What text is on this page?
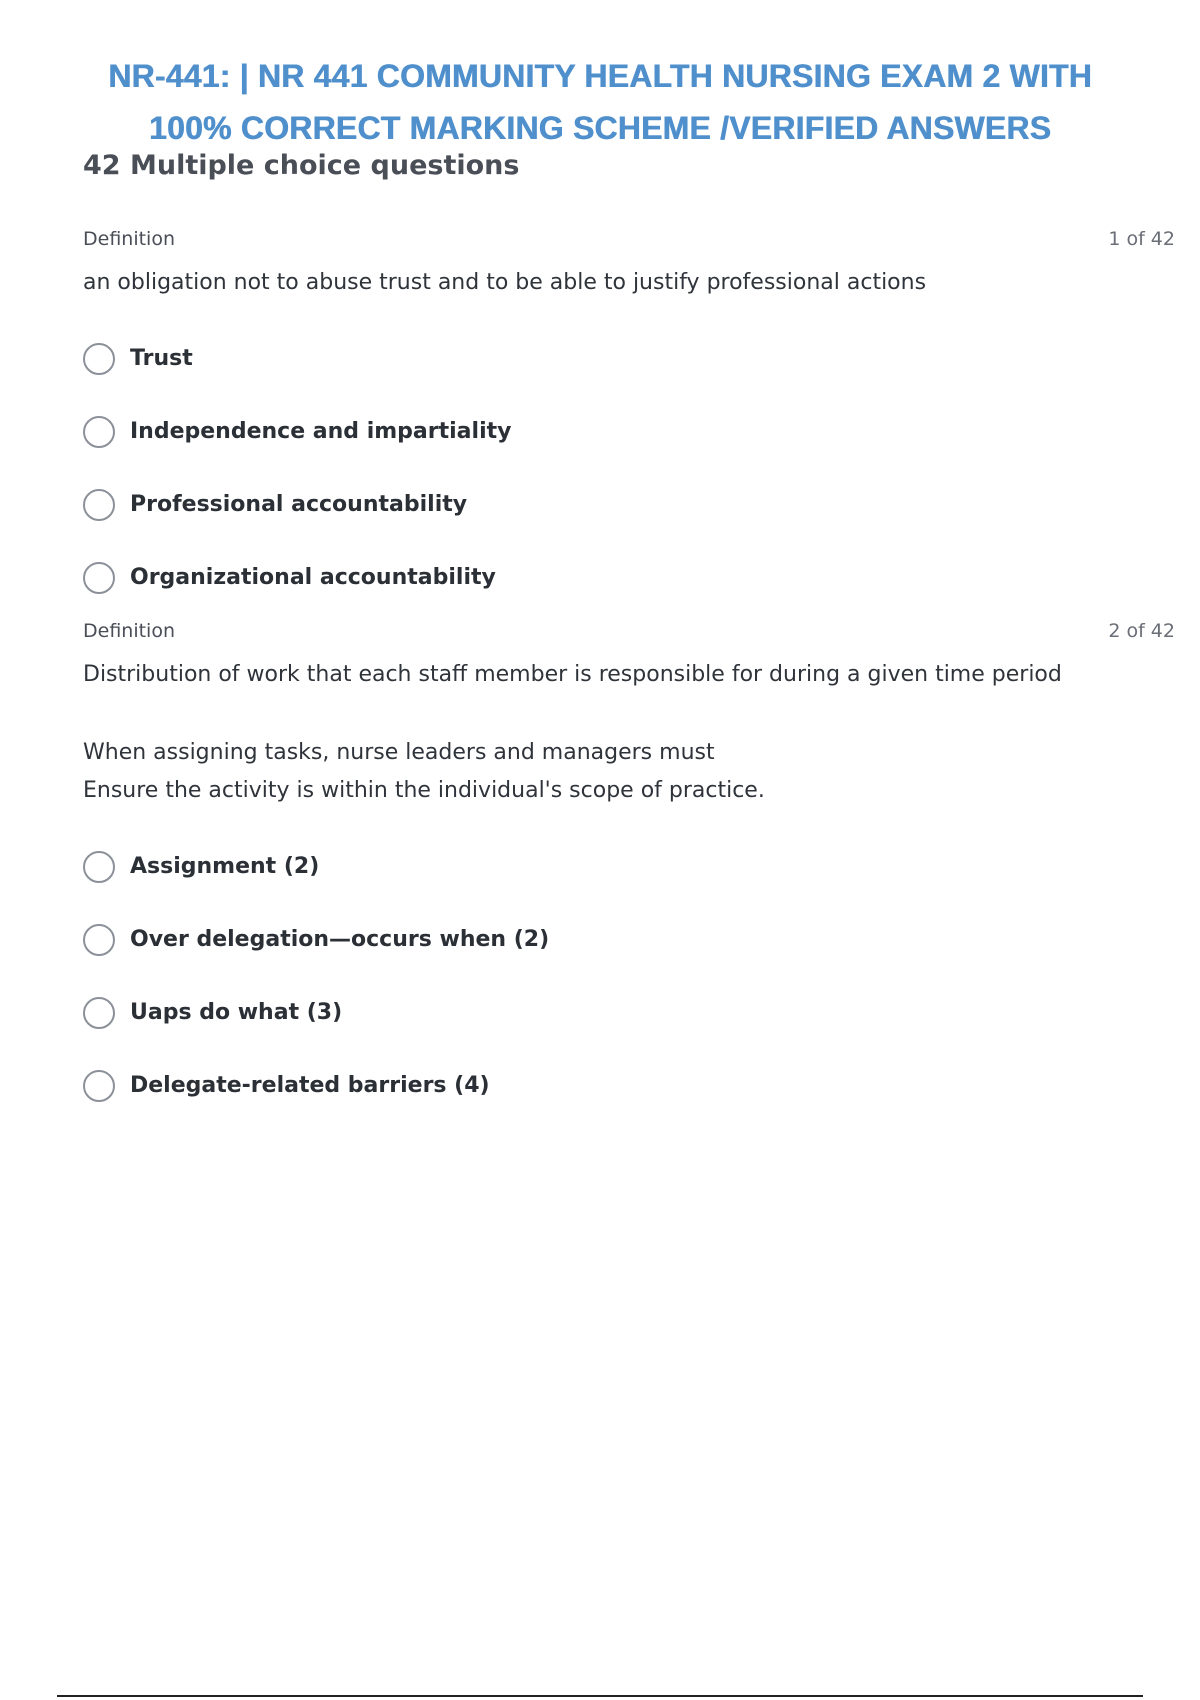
NR-441: | NR 441 COMMUNITY HEALTH NURSING EXAM 2 WITH
100% CORRECT MARKING SCHEME /VERIFIED ANSWERS
42 Multiple choice questions
Definition	1 of 42

an obligation not to abuse trust and to be able to justify professional actions

Trust
Independence and impartiality
Professional accountability
Organizational accountability
Definition	2 of 42

Distribution of work that each staff member is responsible for during a given time period

When assigning tasks, nurse leaders and managers must

Ensure the activity is within the individual's scope of practice.

Assignment (2)
Over delegation—occurs when (2)
Uaps do what (3)
Delegate-related barriers (4)
